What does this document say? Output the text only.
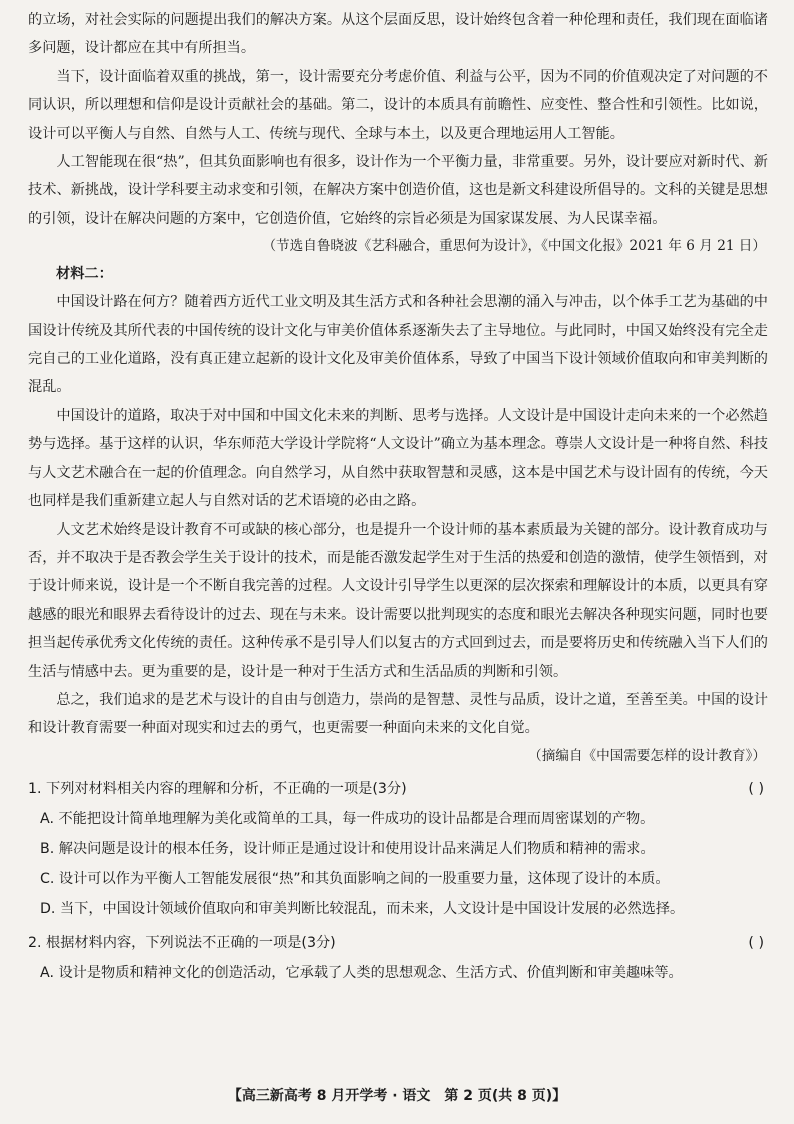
的立场，对社会实际的问题提出我们的解决方案。从这个层面反思，设计始终包含着一种伦理和责任，我们现在面临诸多问题，设计都应在其中有所担当。

当下，设计面临着双重的挑战，第一，设计需要充分考虑价值、利益与公平，因为不同的价值观决定了对问题的不同认识，所以理想和信仰是设计贡献社会的基础。第二，设计的本质具有前瞻性、应变性、整合性和引领性。比如说，设计可以平衡人与自然、自然与人工、传统与现代、全球与本土，以及更合理地运用人工智能。

人工智能现在很“热”，但其负面影响也有很多，设计作为一个平衡力量，非常重要。另外，设计要应对新时代、新技术、新挑战，设计学科要主动求变和引领，在解决方案中创造价值，这也是新文科建设所倡导的。文科的关键是思想的引领，设计在解决问题的方案中，它创造价值，它始终的宗旨必须是为国家谋发展、为人民谋幸福。

（节选自鲁晓波《艺科融合，重思何为设计》，《中国文化报》2021 年 6 月 21 日）

材料二：

中国设计路在何方？随着西方近代工业文明及其生活方式和各种社会思潮的涌入与冲击，以个体手工艺为基础的中国设计传统及其所代表的中国传统的设计文化与审美价值体系逐渐失去了主导地位。与此同时，中国又始终没有完全走完自己的工业化道路，没有真正建立起新的设计文化及审美价值体系，导致了中国当下设计领域价值取向和审美判断的混乱。

中国设计的道路，取决于对中国和中国文化未来的判断、思考与选择。人文设计是中国设计走向未来的一个必然趋势与选择。基于这样的认识，华东师范大学设计学院将“人文设计”确立为基本理念。尊崇人文设计是一种将自然、科技与人文艺术融合在一起的价值理念。向自然学习，从自然中获取智慧和灵感，这本是中国艺术与设计固有的传统，今天也同样是我们重新建立起人与自然对话的艺术语境的必由之路。

人文艺术始终是设计教育不可或缺的核心部分，也是提升一个设计师的基本素质最为关键的部分。设计教育成功与否，并不取决于是否教会学生关于设计的技术，而是能否激发起学生对于生活的热爱和创造的激情，使学生领悟到，对于设计师来说，设计是一个不断自我完善的过程。人文设计引导学生以更深的层次探索和理解设计的本质，以更具有穿越感的眼光和眼界去看待设计的过去、现在与未来。设计需要以批判现实的态度和眼光去解决各种现实问题，同时也要担当起传承优秀文化传统的责任。这种传承不是引导人们以复古的方式回到过去，而是要将历史和传统融入当下人们的生活与情感中去。更为重要的是，设计是一种对于生活方式和生活品质的判断和引领。

总之，我们追求的是艺术与设计的自由与创造力，崇尚的是智慧、灵性与品质，设计之道，至善至美。中国的设计和设计教育需要一种面对现实和过去的勇气，也更需要一种面向未来的文化自觉。

（摘编自《中国需要怎样的设计教育》）

1. 下列对材料相关内容的理解和分析，不正确的一项是(3分)	( )
A. 不能把设计简单地理解为美化或简单的工具，每一件成功的设计品都是合理而周密谋划的产物。
B. 解决问题是设计的根本任务，设计师正是通过设计和使用设计品来满足人们物质和精神的需求。
C. 设计可以作为平衡人工智能发展很“热”和其负面影响之间的一股重要力量，这体现了设计的本质。
D. 当下，中国设计领域价值取向和审美判断比较混乱，而未来，人文设计是中国设计发展的必然选择。
2. 根据材料内容，下列说法不正确的一项是(3分)	( )
A. 设计是物质和精神文化的创造活动，它承载了人类的思想观念、生活方式、价值判断和审美趣味等。
【高三新高考 8 月开学考 · 语文　第 2 页(共 8 页)】
